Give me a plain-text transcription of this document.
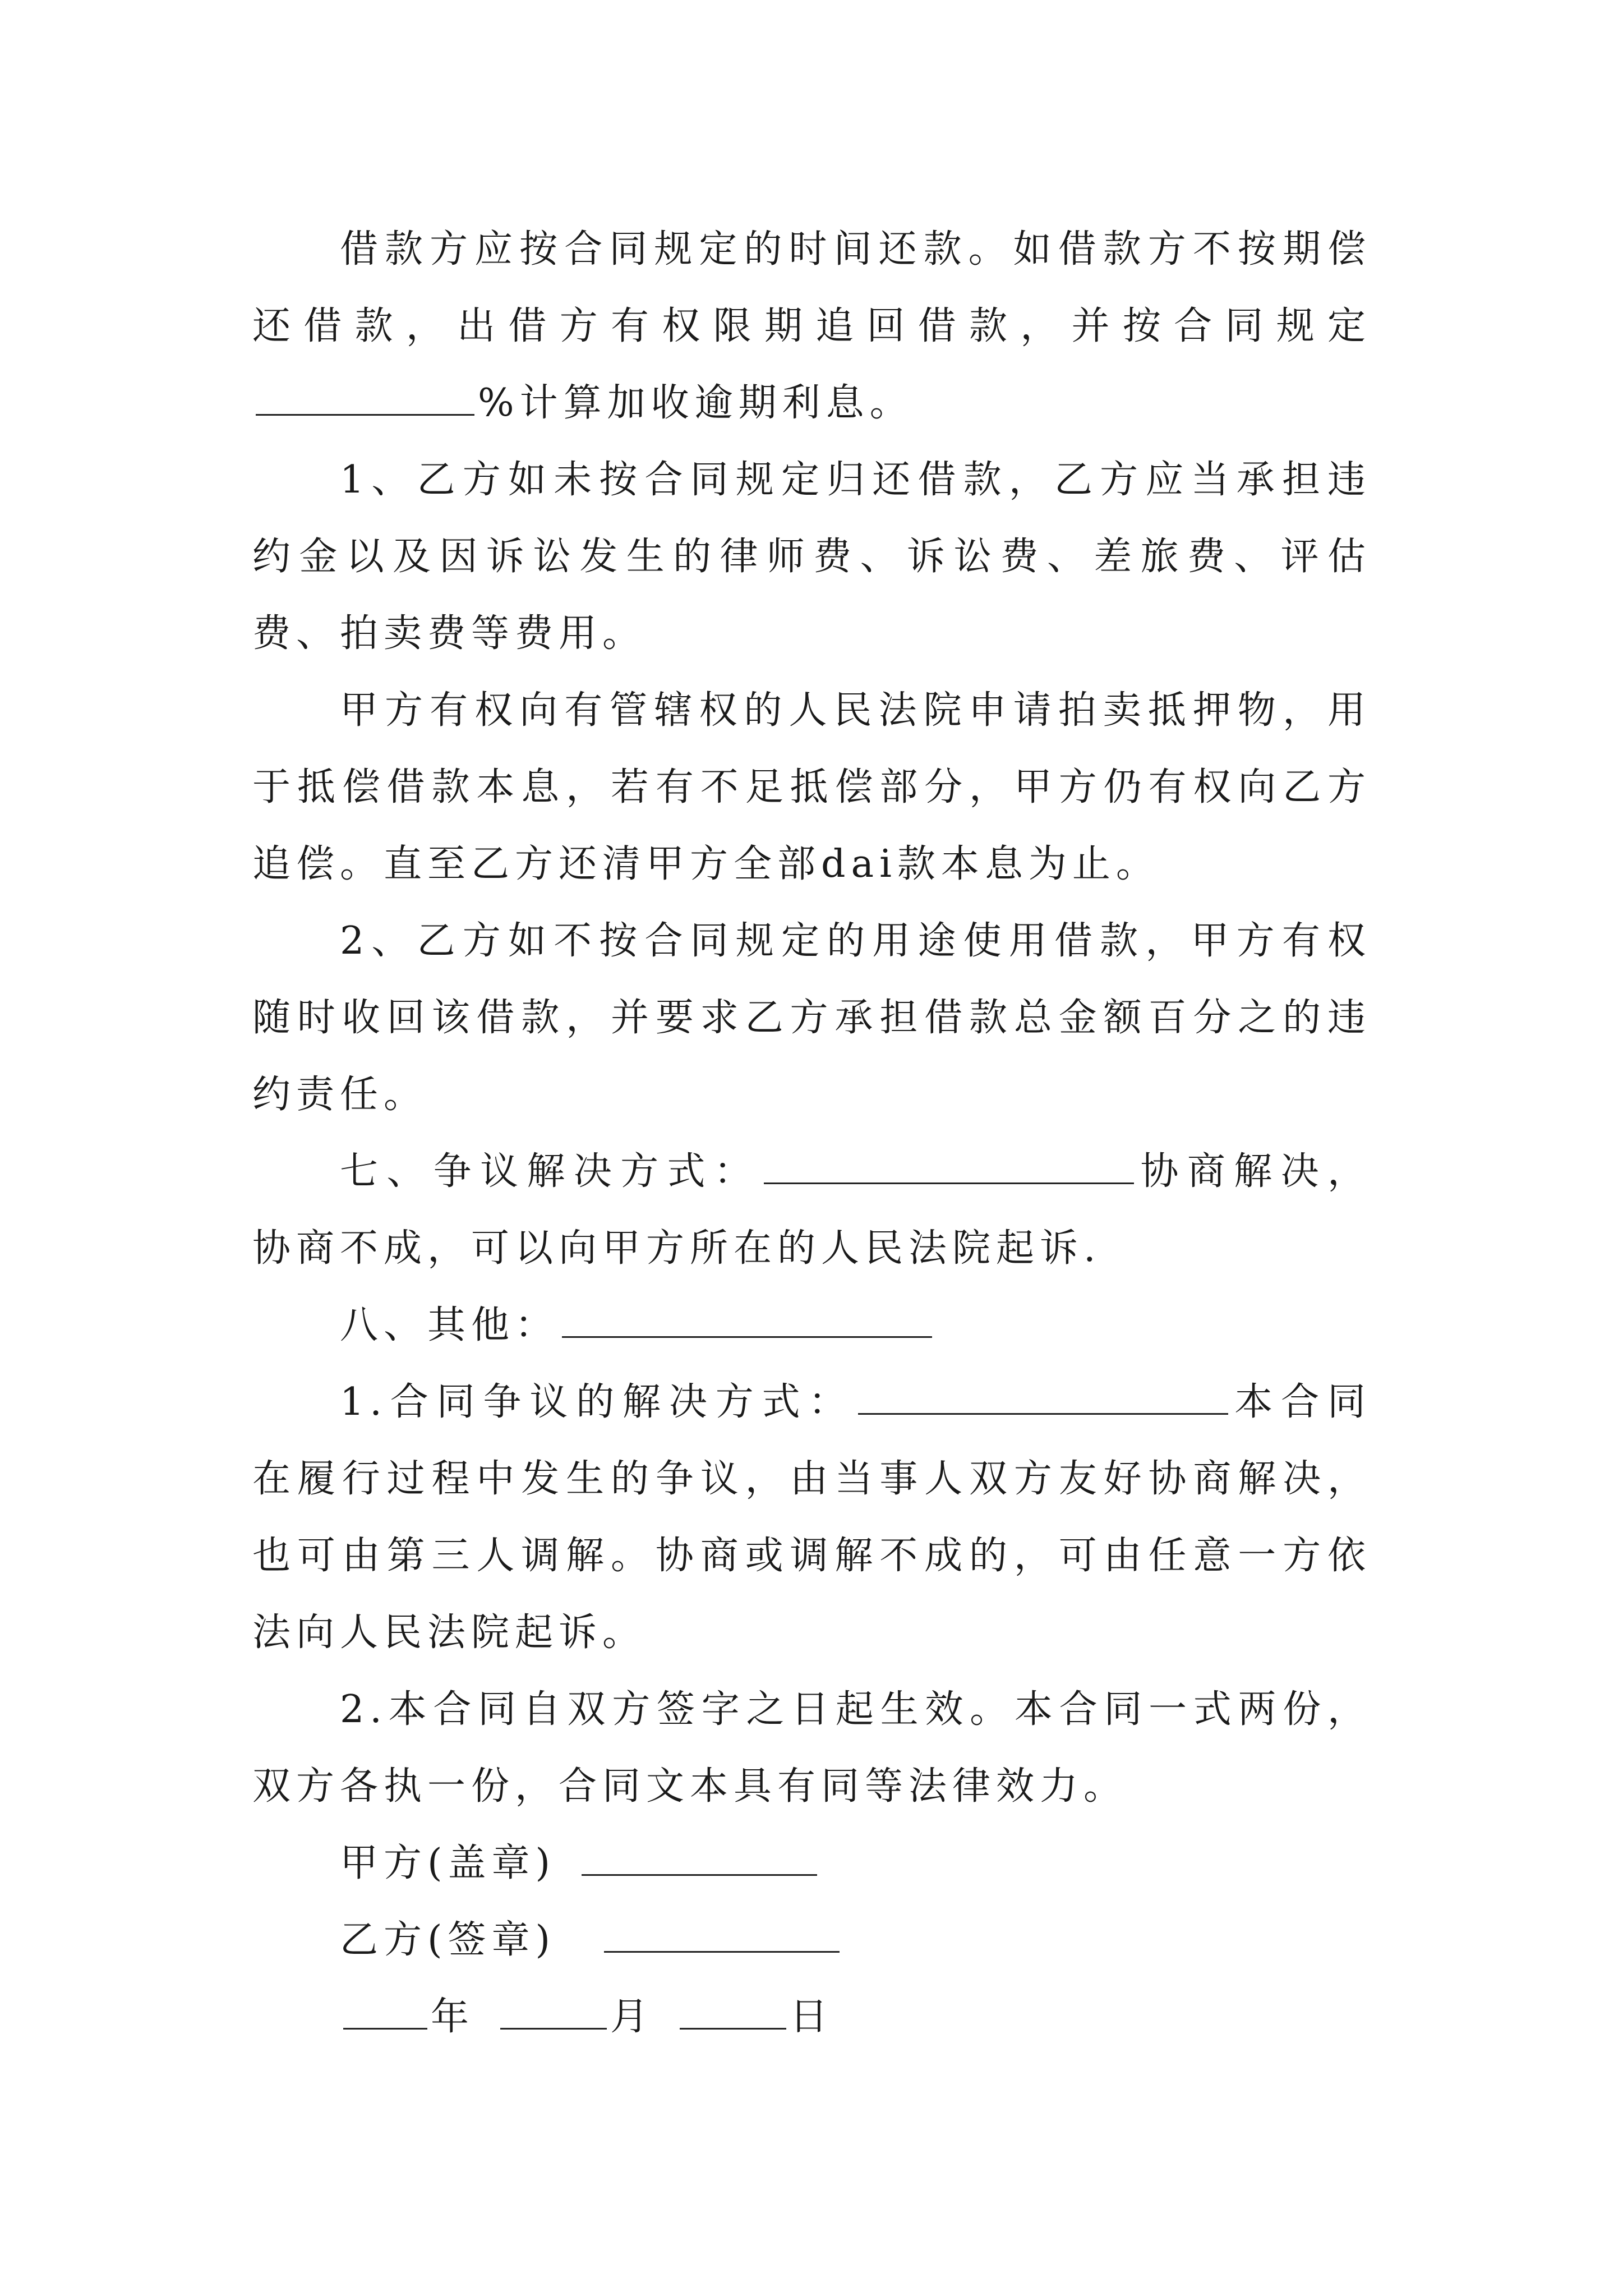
借款方应按合同规定的时间还款。如借款方不按期偿还借款，出借方有权限期追回借款，并按合同规定%计算加收逾期利息。

1、乙方如未按合同规定归还借款，乙方应当承担违约金以及因诉讼发生的律师费、诉讼费、差旅费、评估费、拍卖费等费用。

甲方有权向有管辖权的人民法院申请拍卖抵押物，用于抵偿借款本息，若有不足抵偿部分，甲方仍有权向乙方追偿。直至乙方还清甲方全部dai款本息为止。

2、乙方如不按合同规定的用途使用借款，甲方有权随时收回该借款，并要求乙方承担借款总金额百分之的违约责任。

七、争议解决方式：	协商解决，协商不成，可以向甲方所在的人民法院起诉.

八、其他：

1.合同争议的解决方式：	本合同在履行过程中发生的争议，由当事人双方友好协商解决，也可由第三人调解。协商或调解不成的，可由任意一方依法向人民法院起诉。

2.本合同自双方签字之日起生效。本合同一式两份，双方各执一份，合同文本具有同等法律效力。

甲方(盖章)
乙方(签章)
年	月	日
